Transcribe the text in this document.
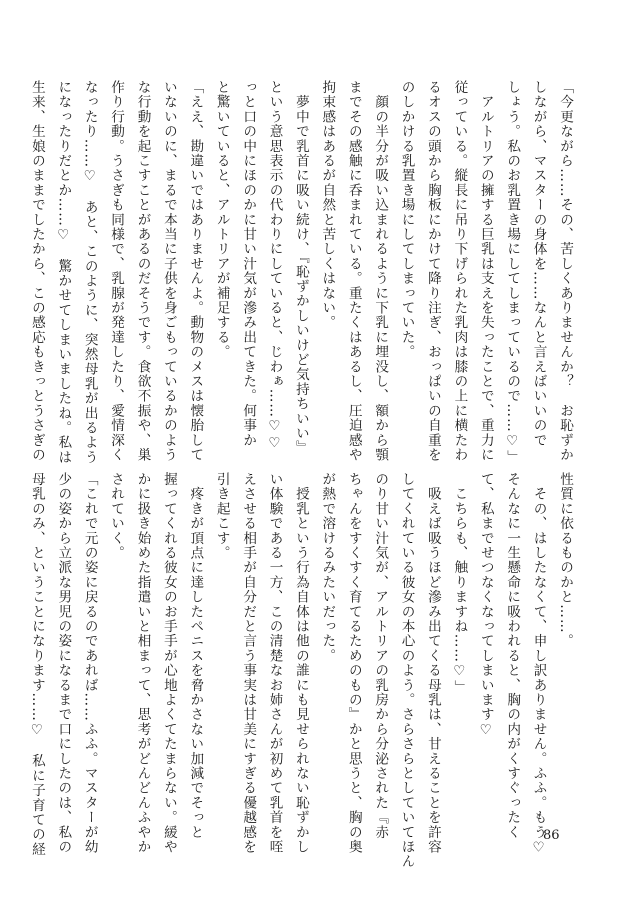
「今更ながら……その、苦しくありませんか？　お恥ずか
しながら、マスターの身体を……なんと言えばいいので
しょう。私のお乳置き場にしてしまっているので……♡」
　アルトリアの擁する巨乳は支えを失ったことで、重力に
従っている。縦長に吊り下げられた乳肉は膝の上に横たわ
るオスの頭から胸板にかけて降り注ぎ、おっぱいの自重を
のしかける乳置き場にしてしまっていた。
　顔の半分が吸い込まれるように下乳に埋没し、額から顎
までその感触に呑まれている。重たくはあるし、圧迫感や
拘束感はあるが自然と苦しくはない。
　夢中で乳首に吸い続け、『恥ずかしいけど気持ちいい』
という意思表示の代わりにしていると、じわぁ……♡♡
っと口の中にほのかに甘い汁気が滲み出てきた。何事か
と驚いていると、アルトリアが補足する。
「ええ、勘違いではありませんよ。動物のメスは懐胎して
いないのに、まるで本当に子供を身ごもっているかのよう
な行動を起こすことがあるのだそうです。食欲不振や、巣
作り行動。うさぎも同様で、乳腺が発達したり、愛情深く
なったり……♡　あと、このように、突然母乳が出るよう
になったりだとか……♡　驚かせてしまいましたね。私は
生来、生娘のままでしたから、この感応もきっとうさぎの
性質に依るものかと……。
　その、はしたなくて、申し訳ありません。ふふ。もう♡
そんなに一生懸命に吸われると、胸の内がくすぐったく
て、私までせつなくなってしまいます♡
　こちらも、触りますね……♡」
　吸えば吸うほど滲み出てくる母乳は、甘えることを許容
してくれている彼女の本心のよう。さらさらとしていてほん
のり甘い汁気が、アルトリアの乳房から分泌された『赤
ちゃんをすくすく育てるためのもの』かと思うと、胸の奥
が熱で溶けるみたいだった。
　授乳という行為自体は他の誰にも見せられない恥ずかし
い体験である一方、この清楚なお姉さんが初めて乳首を咥
えさせる相手が自分だと言う事実は甘美にすぎる優越感を
引き起こす。
　疼きが頂点に達したペニスを脅かさない加減でそっと
握ってくれる彼女のお手手が心地よくてたまらない。緩や
かに扱き始めた指遣いと相まって、思考がどんどんふやか
されていく。
「これで元の姿に戻るのであれば……ふふ。マスターが幼
少の姿から立派な男児の姿になるまで口にしたのは、私の
母乳のみ、ということになります……♡　私に子育ての経	86
